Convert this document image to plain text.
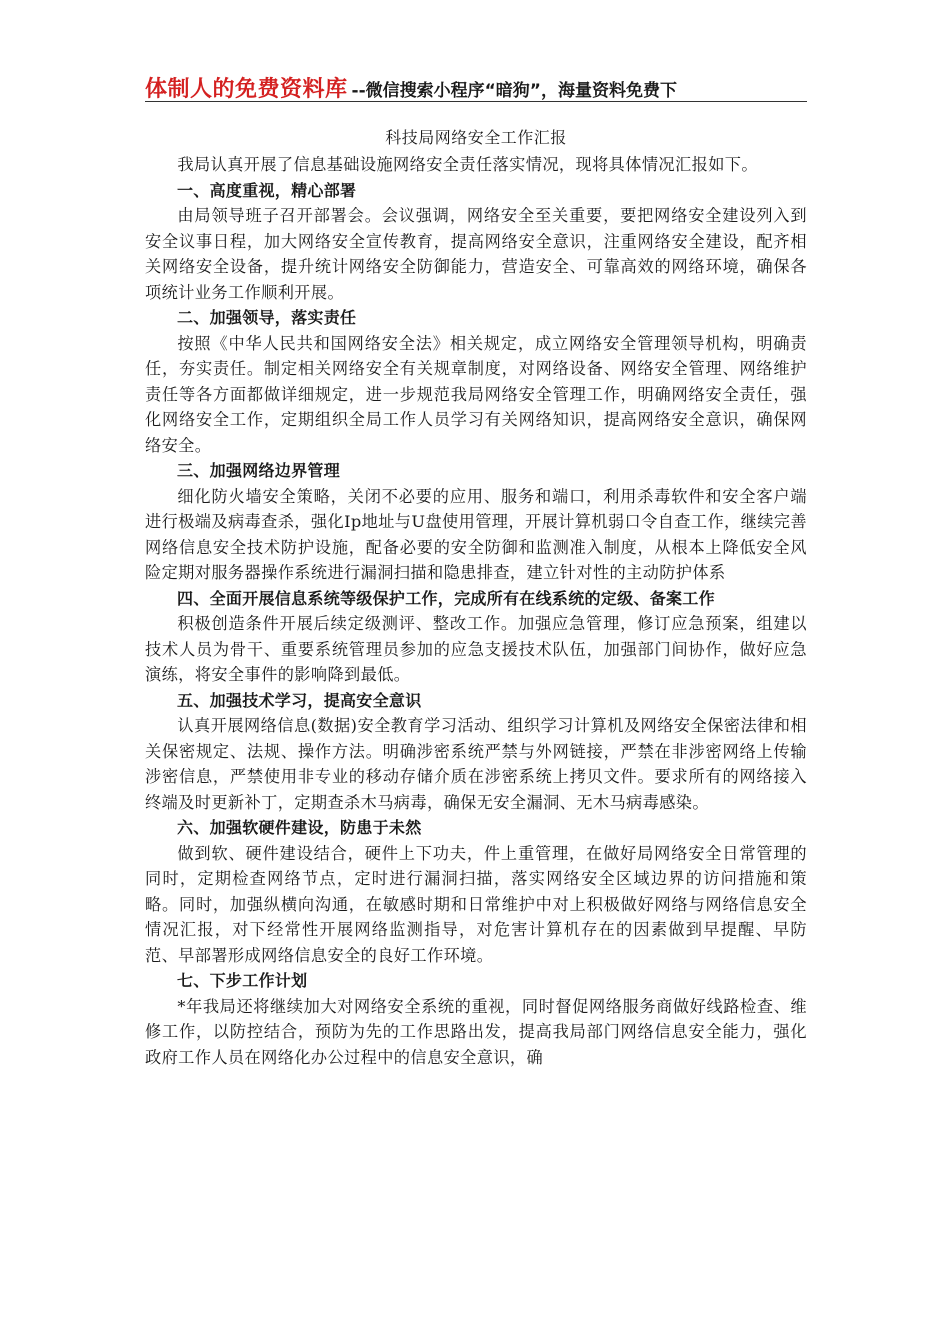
体制人的免费资料库 --微信搜索小程序“暗狗”，海量资料免费下
科技局网络安全工作汇报

我局认真开展了信息基础设施网络安全责任落实情况，现将具体情况汇报如下。

一、高度重视，精心部署

由局领导班子召开部署会。会议强调，网络安全至关重要，要把网络安全建设列入到安全议事日程，加大网络安全宣传教育，提高网络安全意识，注重网络安全建设，配齐相关网络安全设备，提升统计网络安全防御能力，营造安全、可靠高效的网络环境，确保各项统计业务工作顺利开展。

二、加强领导，落实责任

按照《中华人民共和国网络安全法》相关规定，成立网络安全管理领导机构，明确责任，夯实责任。制定相关网络安全有关规章制度，对网络设备、网络安全管理、网络维护责任等各方面都做详细规定，进一步规范我局网络安全管理工作，明确网络安全责任，强化网络安全工作，定期组织全局工作人员学习有关网络知识，提高网络安全意识，确保网络安全。

三、加强网络边界管理

细化防火墙安全策略，关闭不必要的应用、服务和端口，利用杀毒软件和安全客户端进行极端及病毒查杀，强化Ip地址与U盘使用管理，开展计算机弱口令自查工作，继续完善网络信息安全技术防护设施，配备必要的安全防御和监测准入制度，从根本上降低安全风险定期对服务器操作系统进行漏洞扫描和隐患排查，建立针对性的主动防护体系

四、全面开展信息系统等级保护工作，完成所有在线系统的定级、备案工作

积极创造条件开展后续定级测评、整改工作。加强应急管理，修订应急预案，组建以技术人员为骨干、重要系统管理员参加的应急支援技术队伍，加强部门间协作，做好应急演练，将安全事件的影响降到最低。

五、加强技术学习，提高安全意识

认真开展网络信息(数据)安全教育学习活动、组织学习计算机及网络安全保密法律和相关保密规定、法规、操作方法。明确涉密系统严禁与外网链接，严禁在非涉密网络上传输涉密信息，严禁使用非专业的移动存储介质在涉密系统上拷贝文件。要求所有的网络接入终端及时更新补丁，定期查杀木马病毒，确保无安全漏洞、无木马病毒感染。

六、加强软硬件建设，防患于未然

做到软、硬件建设结合，硬件上下功夫，件上重管理，在做好局网络安全日常管理的同时，定期检查网络节点，定时进行漏洞扫描，落实网络安全区域边界的访问措施和策略。同时，加强纵横向沟通，在敏感时期和日常维护中对上积极做好网络与网络信息安全情况汇报，对下经常性开展网络监测指导，对危害计算机存在的因素做到早提醒、早防范、早部署形成网络信息安全的良好工作环境。

七、下步工作计划

*年我局还将继续加大对网络安全系统的重视，同时督促网络服务商做好线路检查、维修工作，以防控结合，预防为先的工作思路出发，提高我局部门网络信息安全能力，强化政府工作人员在网络化办公过程中的信息安全意识，确
